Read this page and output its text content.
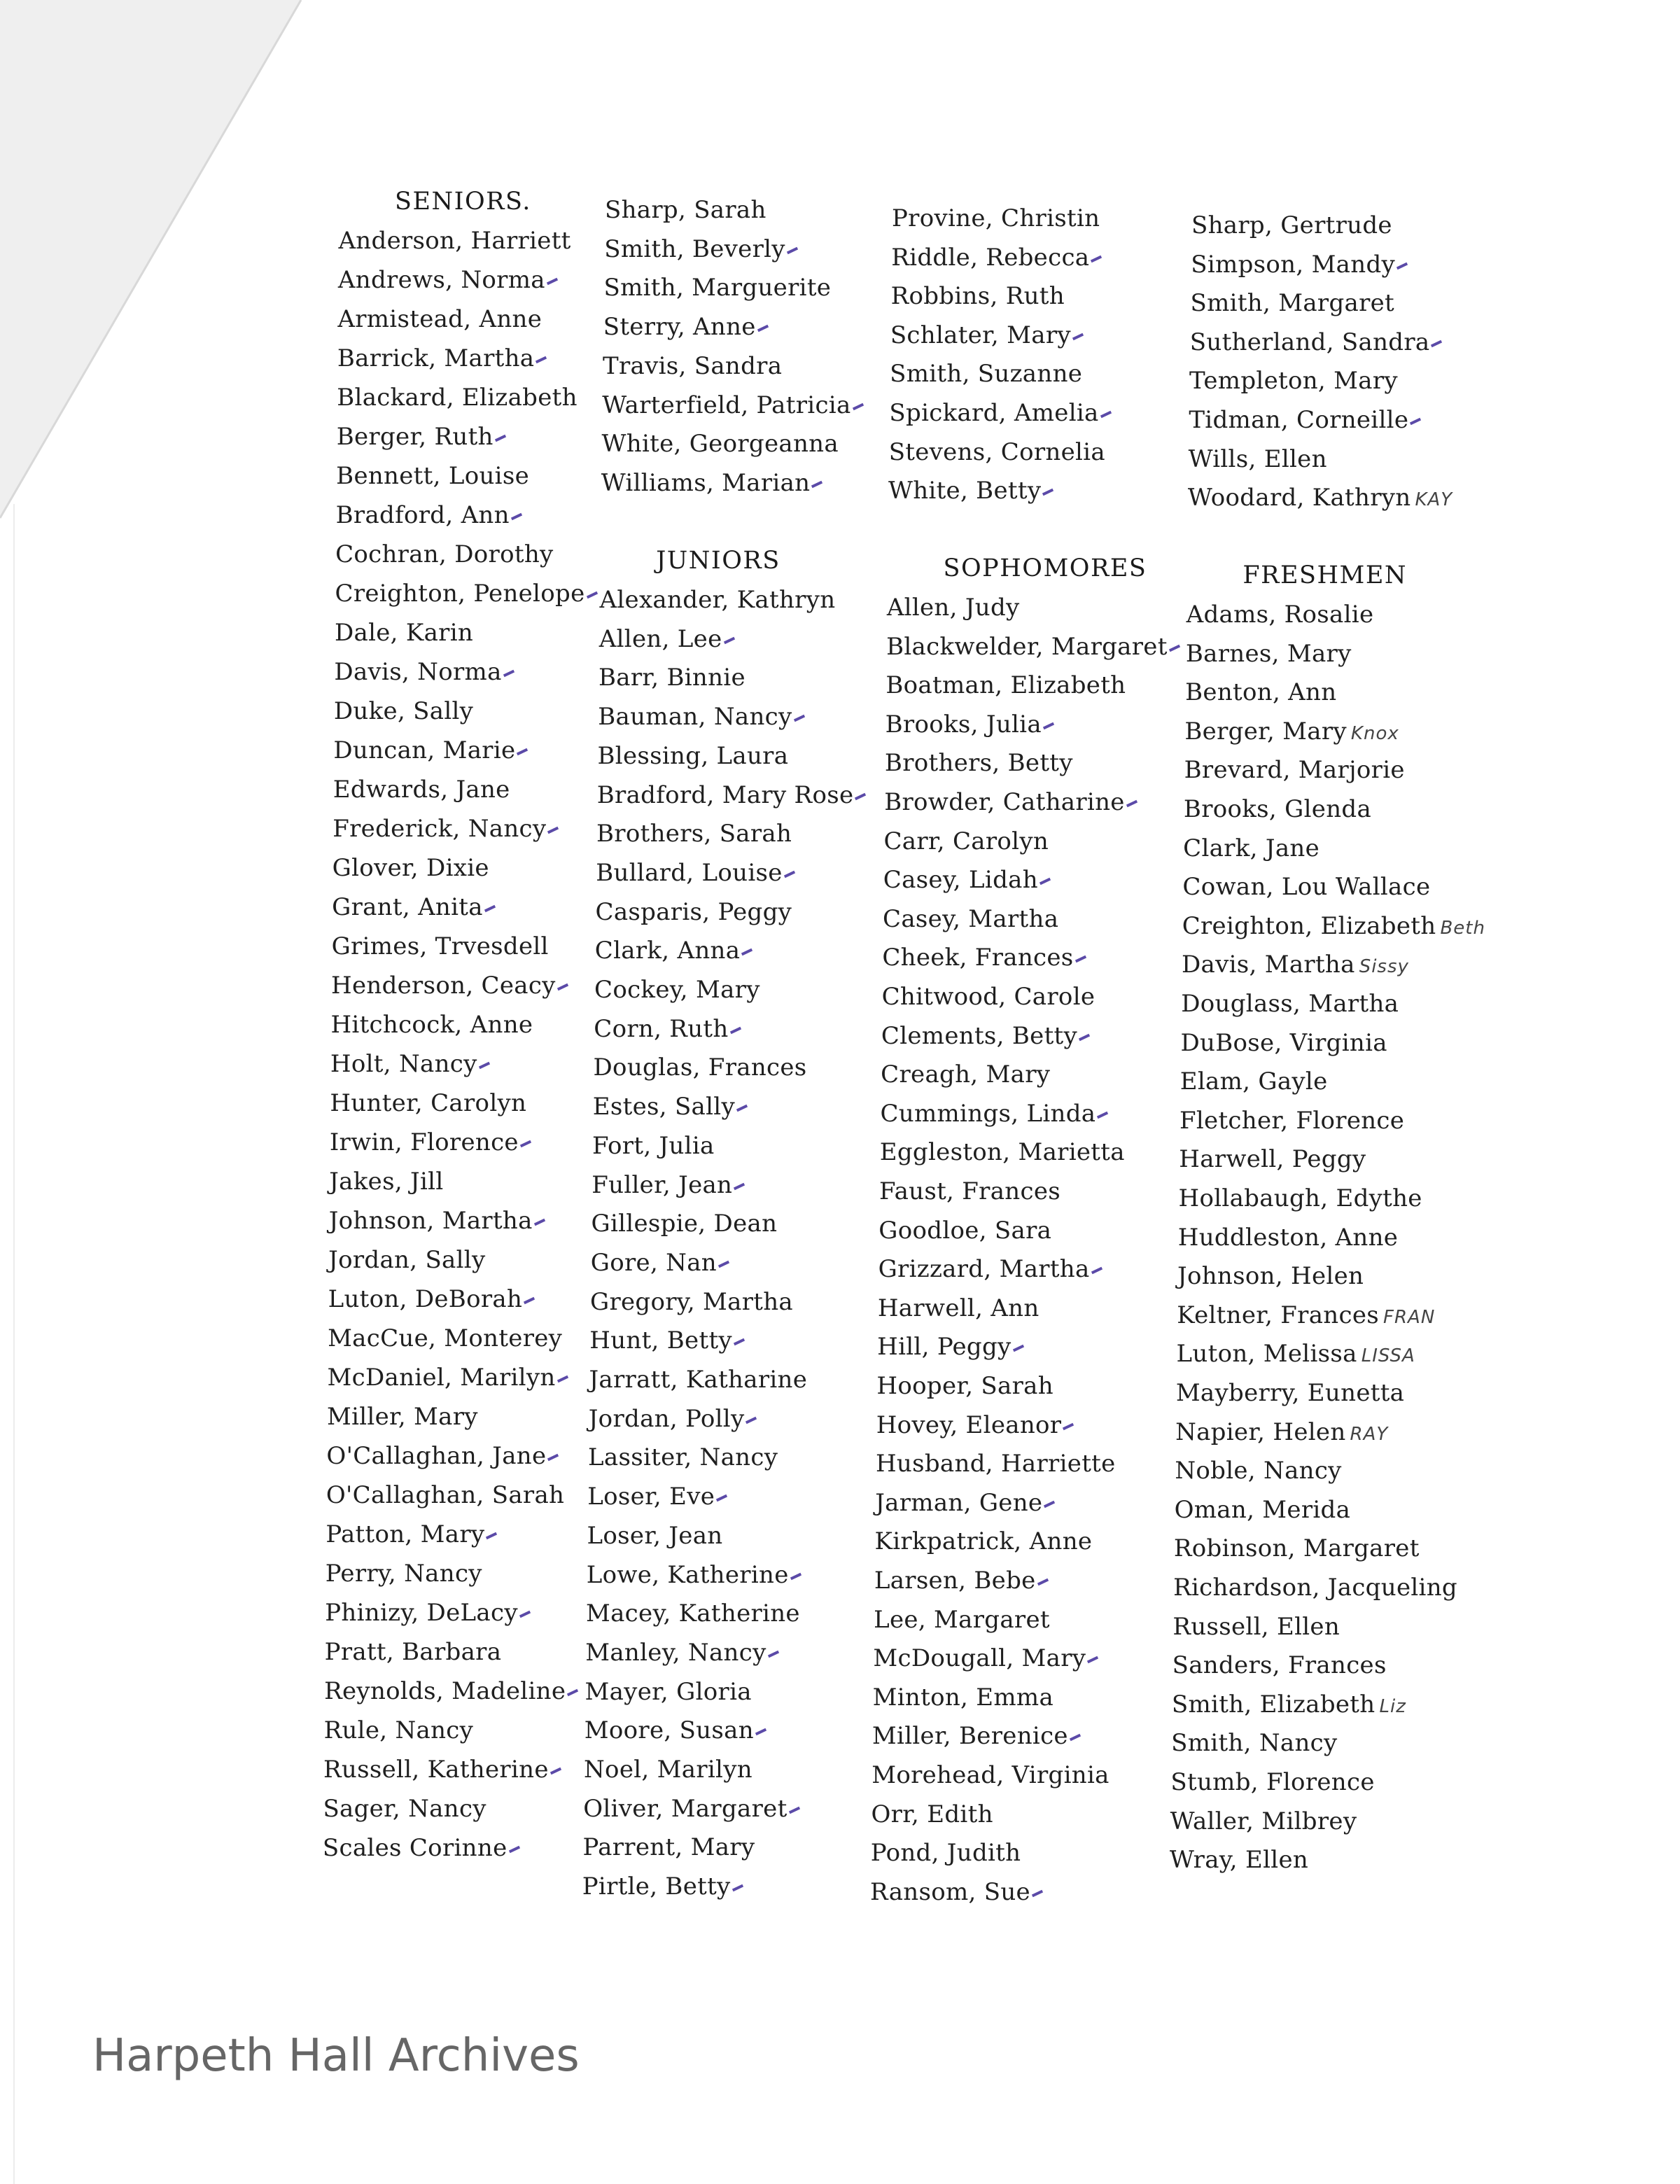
SENIORS.
Anderson, Harriett
Andrews, Norma
Armistead, Anne
Barrick, Martha
Blackard, Elizabeth
Berger, Ruth
Bennett, Louise
Bradford, Ann
Cochran, Dorothy
Creighton, Penelope
Dale, Karin
Davis, Norma
Duke, Sally
Duncan, Marie
Edwards, Jane
Frederick, Nancy
Glover, Dixie
Grant, Anita
Grimes, Trvesdell
Henderson, Ceacy
Hitchcock, Anne
Holt, Nancy
Hunter, Carolyn
Irwin, Florence
Jakes, Jill
Johnson, Martha
Jordan, Sally
Luton, DeBorah
MacCue, Monterey
McDaniel, Marilyn
Miller, Mary
O'Callaghan, Jane
O'Callaghan, Sarah
Patton, Mary
Perry, Nancy
Phinizy, DeLacy
Pratt, Barbara
Reynolds, Madeline
Rule, Nancy
Russell, Katherine
Sager, Nancy
Scales Corinne
Sharp, Sarah
Smith, Beverly
Smith, Marguerite
Sterry, Anne
Travis, Sandra
Warterfield, Patricia
White, Georgeanna
Williams, Marian
JUNIORS
Alexander, Kathryn
Allen, Lee
Barr, Binnie
Bauman, Nancy
Blessing, Laura
Bradford, Mary Rose
Brothers, Sarah
Bullard, Louise
Casparis, Peggy
Clark, Anna
Cockey, Mary
Corn, Ruth
Douglas, Frances
Estes, Sally
Fort, Julia
Fuller, Jean
Gillespie, Dean
Gore, Nan
Gregory, Martha
Hunt, Betty
Jarratt, Katharine
Jordan, Polly
Lassiter, Nancy
Loser, Eve
Loser, Jean
Lowe, Katherine
Macey, Katherine
Manley, Nancy
Mayer, Gloria
Moore, Susan
Noel, Marilyn
Oliver, Margaret
Parrent, Mary
Pirtle, Betty
Provine, Christin
Riddle, Rebecca
Robbins, Ruth
Schlater, Mary
Smith, Suzanne
Spickard, Amelia
Stevens, Cornelia
White, Betty
SOPHOMORES
Allen, Judy
Blackwelder, Margaret
Boatman, Elizabeth
Brooks, Julia
Brothers, Betty
Browder, Catharine
Carr, Carolyn
Casey, Lidah
Casey, Martha
Cheek, Frances
Chitwood, Carole
Clements, Betty
Creagh, Mary
Cummings, Linda
Eggleston, Marietta
Faust, Frances
Goodloe, Sara
Grizzard, Martha
Harwell, Ann
Hill, Peggy
Hooper, Sarah
Hovey, Eleanor
Husband, Harriette
Jarman, Gene
Kirkpatrick, Anne
Larsen, Bebe
Lee, Margaret
McDougall, Mary
Minton, Emma
Miller, Berenice
Morehead, Virginia
Orr, Edith
Pond, Judith
Ransom, Sue
Sharp, Gertrude
Simpson, Mandy
Smith, Margaret
Sutherland, Sandra
Templeton, Mary
Tidman, Corneille
Wills, Ellen
Woodard, Kathryn KAY
FRESHMEN
Adams, Rosalie
Barnes, Mary
Benton, Ann
Berger, Mary Knox
Brevard, Marjorie
Brooks, Glenda
Clark, Jane
Cowan, Lou Wallace
Creighton, Elizabeth Beth
Davis, Martha Sissy
Douglass, Martha
DuBose, Virginia
Elam, Gayle
Fletcher, Florence
Harwell, Peggy
Hollabaugh, Edythe
Huddleston, Anne
Johnson, Helen
Keltner, Frances FRAN
Luton, Melissa LISSA
Mayberry, Eunetta
Napier, Helen RAY
Noble, Nancy
Oman, Merida
Robinson, Margaret
Richardson, Jacqueling
Russell, Ellen
Sanders, Frances
Smith, Elizabeth Liz
Smith, Nancy
Stumb, Florence
Waller, Milbrey
Wray, Ellen
Harpeth Hall Archives
